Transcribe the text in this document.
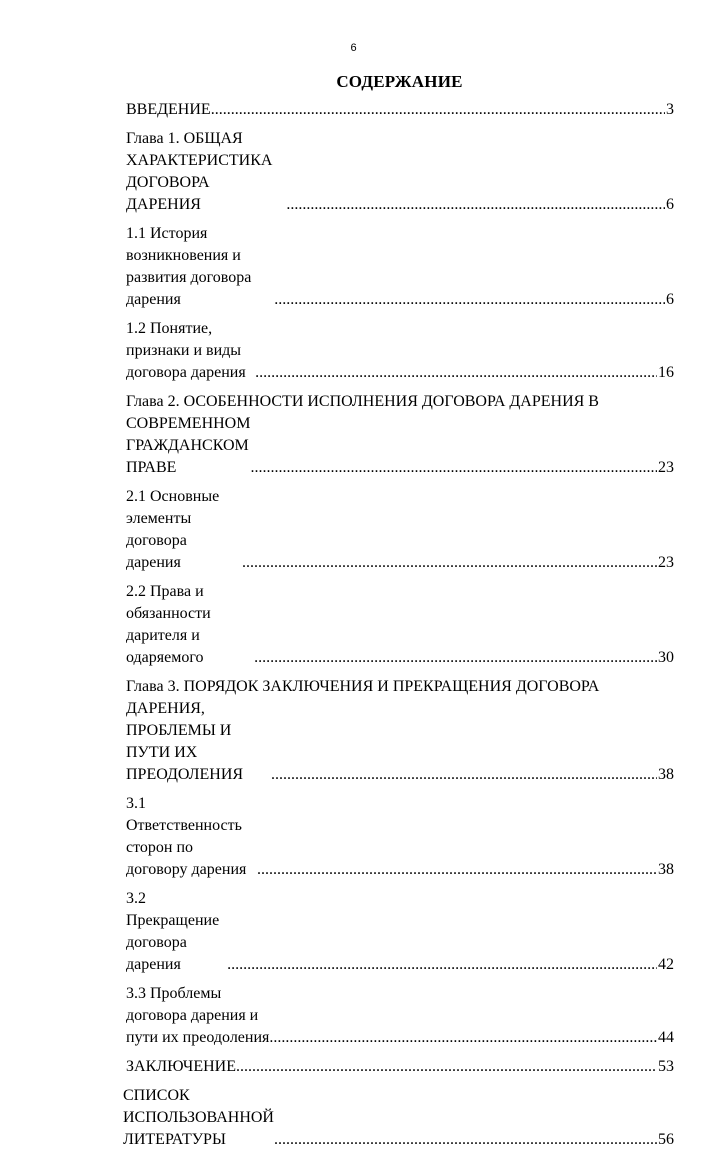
6
СОДЕРЖАНИЕ
ВВЕДЕНИЕ .....	3
Глава 1. ОБЩАЯ ХАРАКТЕРИСТИКА ДОГОВОРА ДАРЕНИЯ .....	6
1.1 История возникновения и развития договора дарения .....	6
1.2 Понятие, признаки и виды договора дарения .....	16
Глава 2. ОСОБЕННОСТИ ИСПОЛНЕНИЯ ДОГОВОРА ДАРЕНИЯ В
СОВРЕМЕННОМ ГРАЖДАНСКОМ ПРАВЕ .....	23
2.1 Основные элементы договора дарения .....	23
2.2 Права и обязанности дарителя и одаряемого .....	30
Глава 3. ПОРЯДОК ЗАКЛЮЧЕНИЯ И ПРЕКРАЩЕНИЯ ДОГОВОРА
ДАРЕНИЯ, ПРОБЛЕМЫ И ПУТИ ИХ ПРЕОДОЛЕНИЯ .....	38
3.1 Ответственность сторон по договору дарения .....	38
3.2 Прекращение договора дарения .....	42
3.3 Проблемы договора дарения и пути их преодоления .....	44
ЗАКЛЮЧЕНИЕ .....	53
СПИСОК ИСПОЛЬЗОВАННОЙ ЛИТЕРАТУРЫ .....	56
